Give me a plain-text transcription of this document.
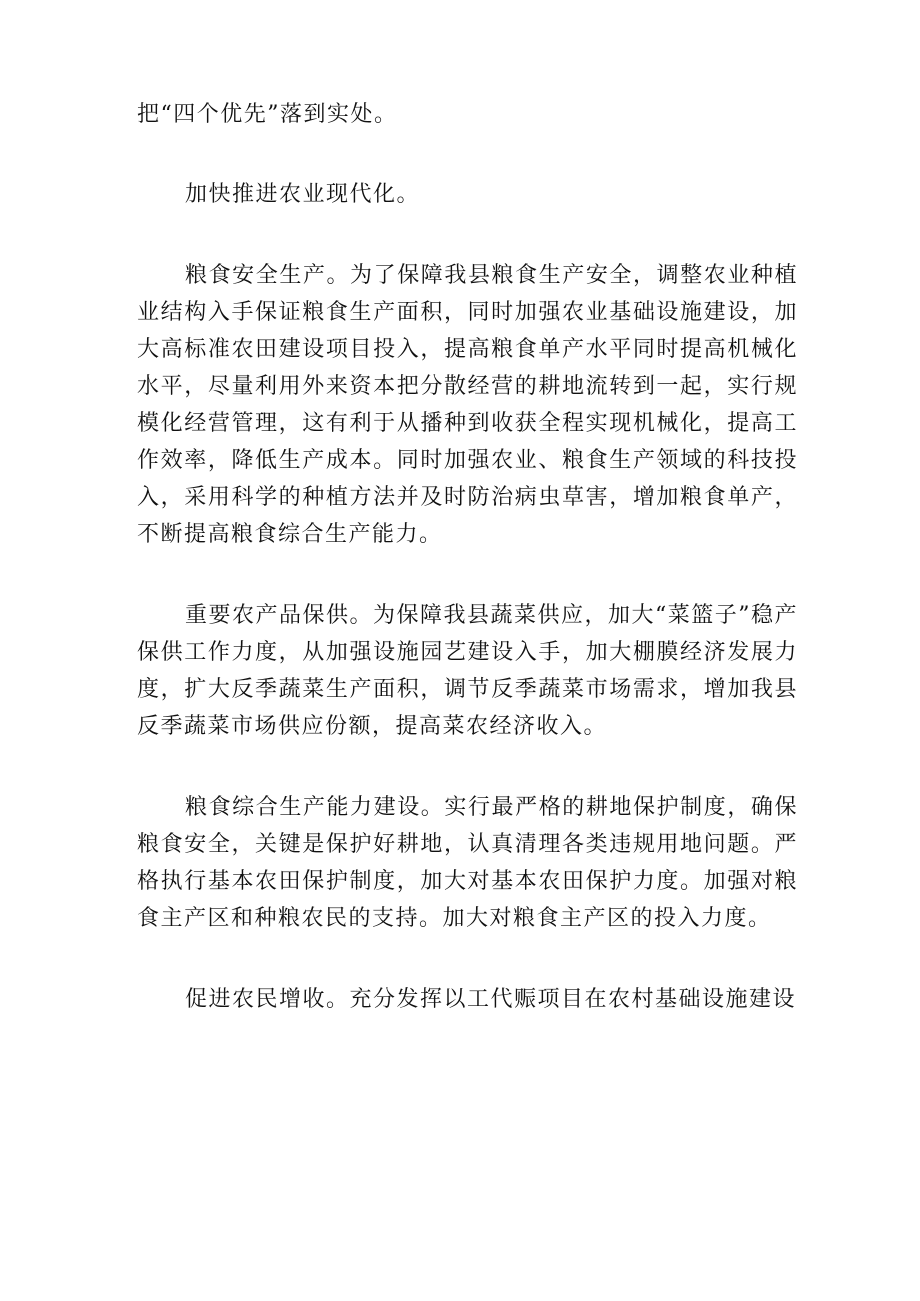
把“四个优先”落到实处。

加快推进农业现代化。

粮食安全生产。为了保障我县粮食生产安全，调整农业种植业结构入手保证粮食生产面积，同时加强农业基础设施建设，加大高标准农田建设项目投入，提高粮食单产水平同时提高机械化水平，尽量利用外来资本把分散经营的耕地流转到一起，实行规模化经营管理，这有利于从播种到收获全程实现机械化，提高工作效率，降低生产成本。同时加强农业、粮食生产领域的科技投入，采用科学的种植方法并及时防治病虫草害，增加粮食单产，不断提高粮食综合生产能力。

重要农产品保供。为保障我县蔬菜供应，加大“菜篮子”稳产保供工作力度，从加强设施园艺建设入手，加大棚膜经济发展力度，扩大反季蔬菜生产面积，调节反季蔬菜市场需求，增加我县反季蔬菜市场供应份额，提高菜农经济收入。

粮食综合生产能力建设。实行最严格的耕地保护制度，确保粮食安全，关键是保护好耕地，认真清理各类违规用地问题。严格执行基本农田保护制度，加大对基本农田保护力度。加强对粮食主产区和种粮农民的支持。加大对粮食主产区的投入力度。

促进农民增收。充分发挥以工代赈项目在农村基础设施建设
